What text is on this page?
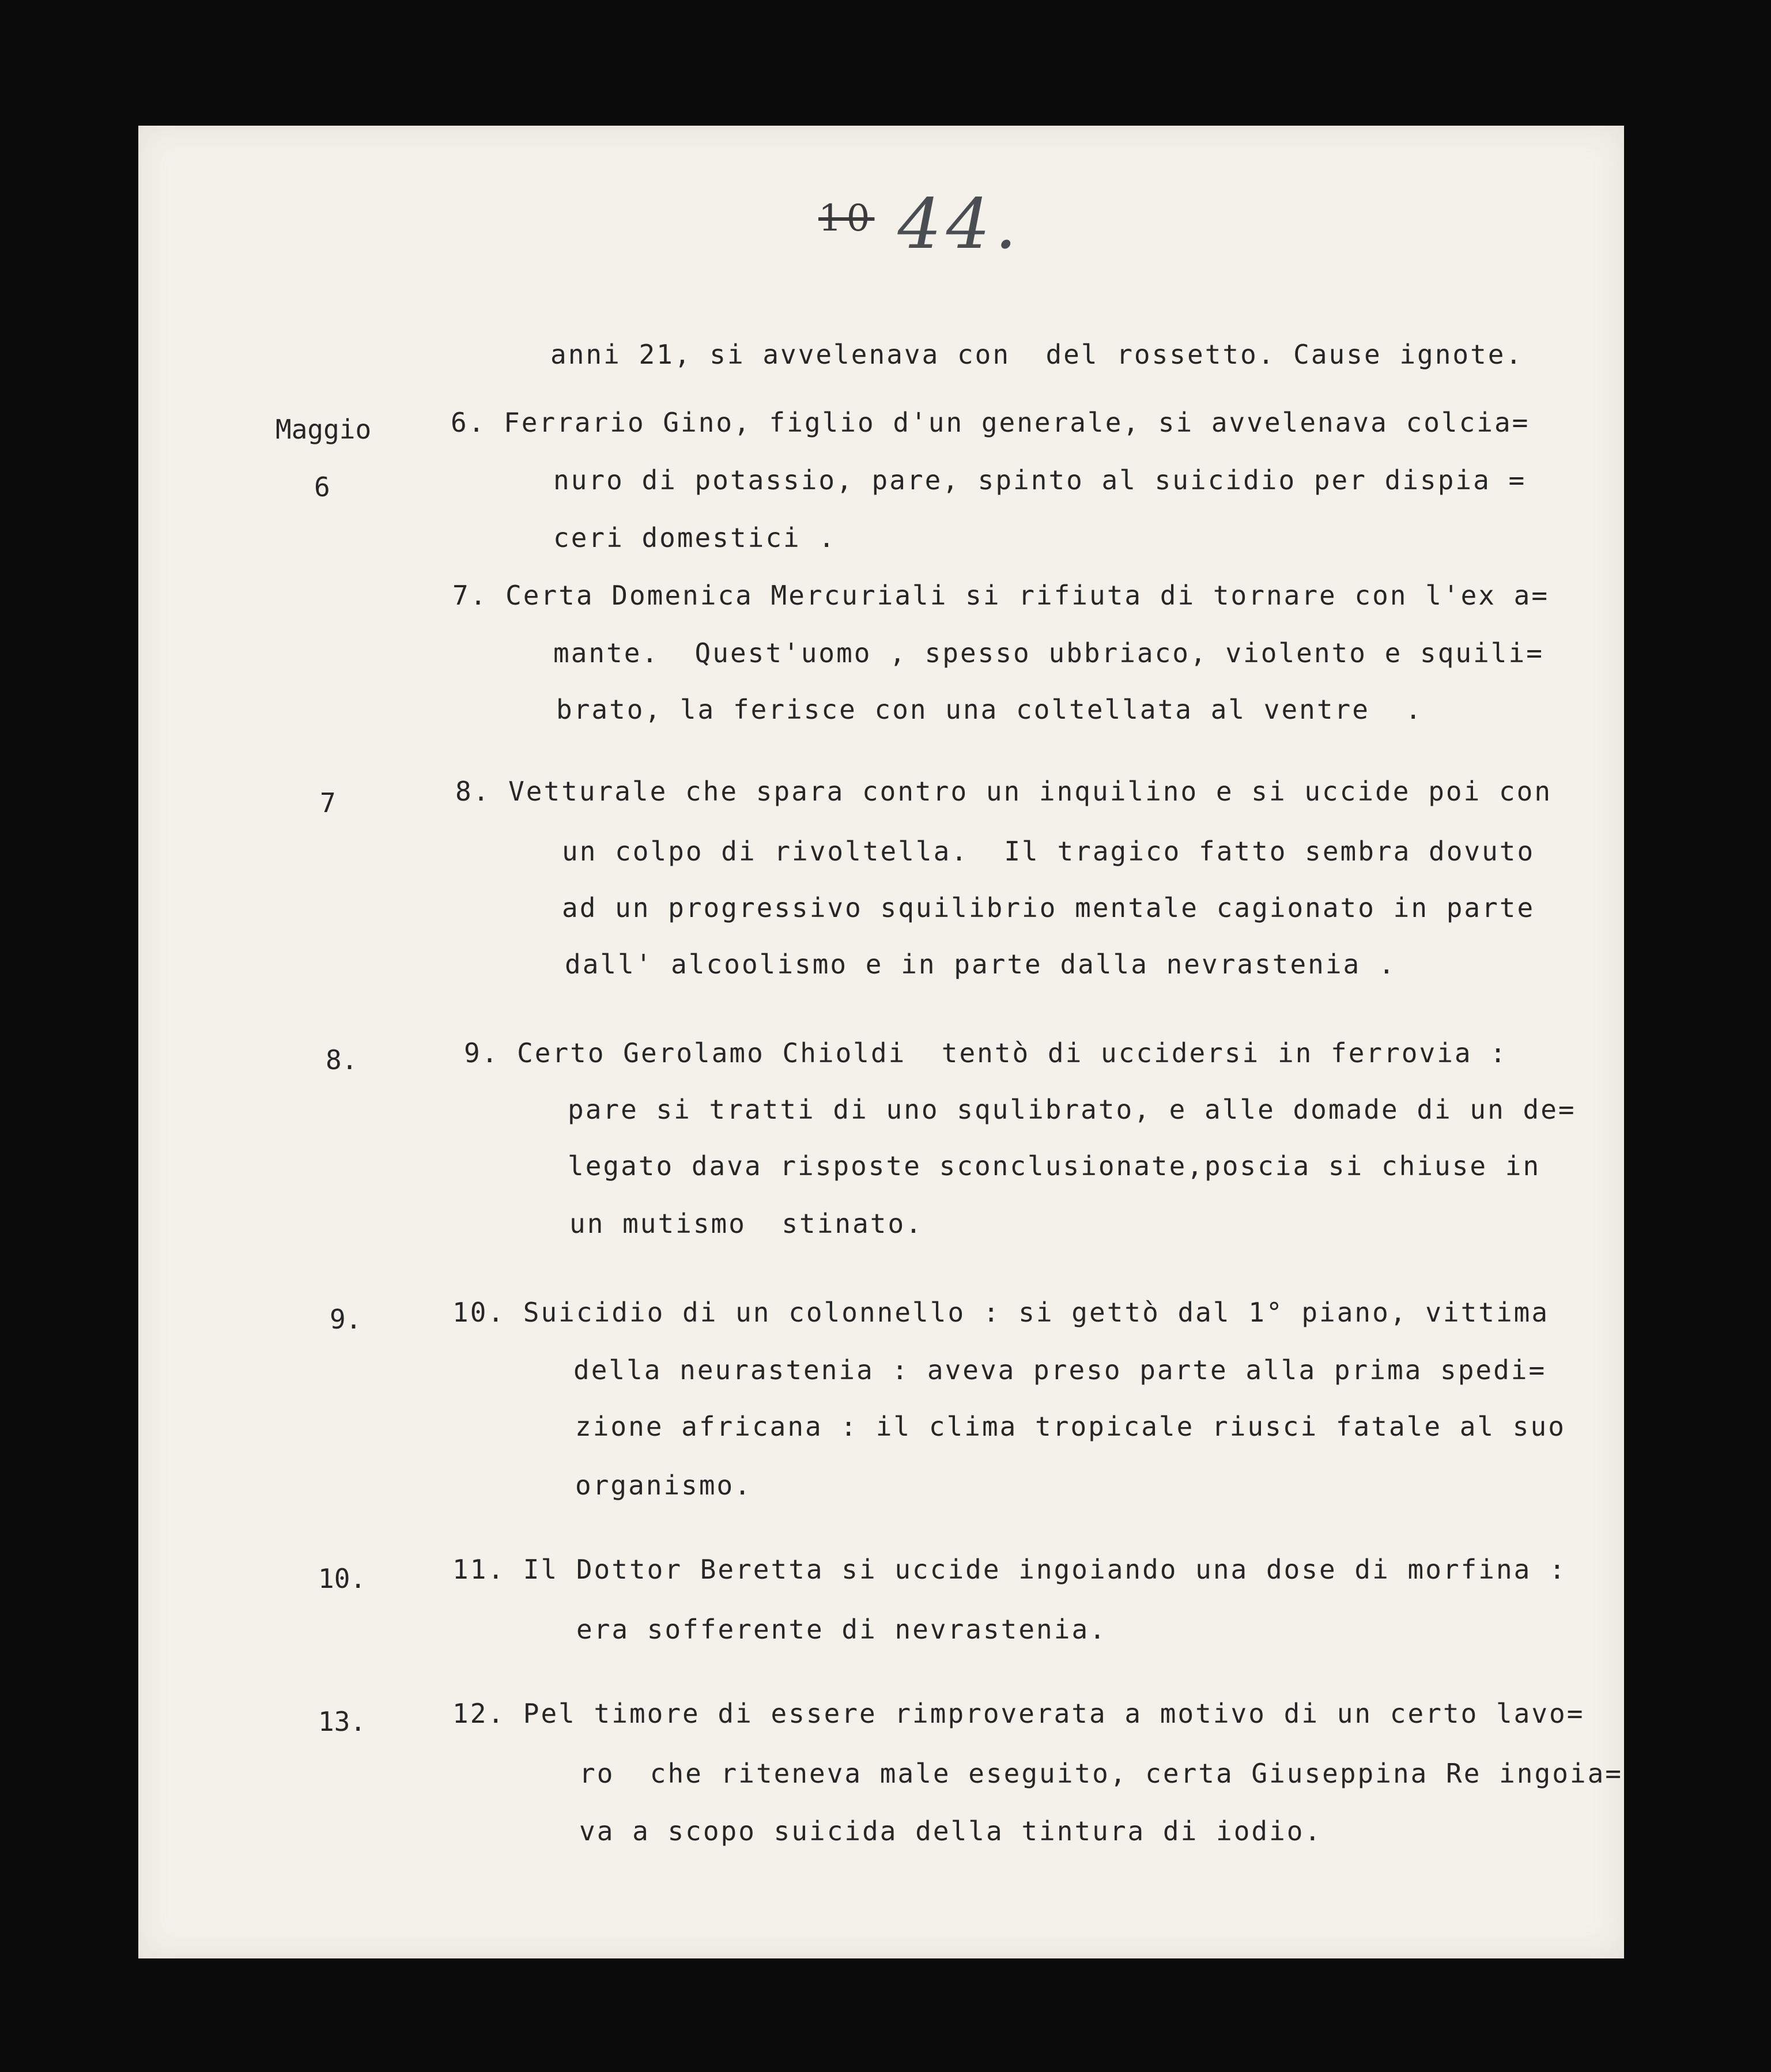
$^{10}$ 44.
Maggio
6
7
8.
9.
10.
13.
anni 21, si avvelenava con  del rossetto. Cause ignote.
6. Ferrario Gino, figlio d'un generale, si avvelenava colcia=
nuro di potassio, pare, spinto al suicidio per dispia =
ceri domestici .
7. Certa Domenica Mercuriali si rifiuta di tornare con l'ex a=
mante.  Quest'uomo , spesso ubbriaco, violento e squili=
brato, la ferisce con una coltellata al ventre  .
8. Vetturale che spara contro un inquilino e si uccide poi con
un colpo di rivoltella.  Il tragico fatto sembra dovuto
ad un progressivo squilibrio mentale cagionato in parte
dall' alcoolismo e in parte dalla nevrastenia .
9. Certo Gerolamo Chioldi  tentò di uccidersi in ferrovia :
pare si tratti di uno squlibrato, e alle domade di un de=
legato dava risposte sconclusionate,poscia si chiuse in
un mutismo  stinato.
10. Suicidio di un colonnello : si gettò dal 1° piano, vittima
della neurastenia : aveva preso parte alla prima spedi=
zione africana : il clima tropicale riusci fatale al suo
organismo.
11. Il Dottor Beretta si uccide ingoiando una dose di morfina :
era sofferente di nevrastenia.
12. Pel timore di essere rimproverata a motivo di un certo lavo=
ro  che riteneva male eseguito, certa Giuseppina Re ingoia=
va a scopo suicida della tintura di iodio.
